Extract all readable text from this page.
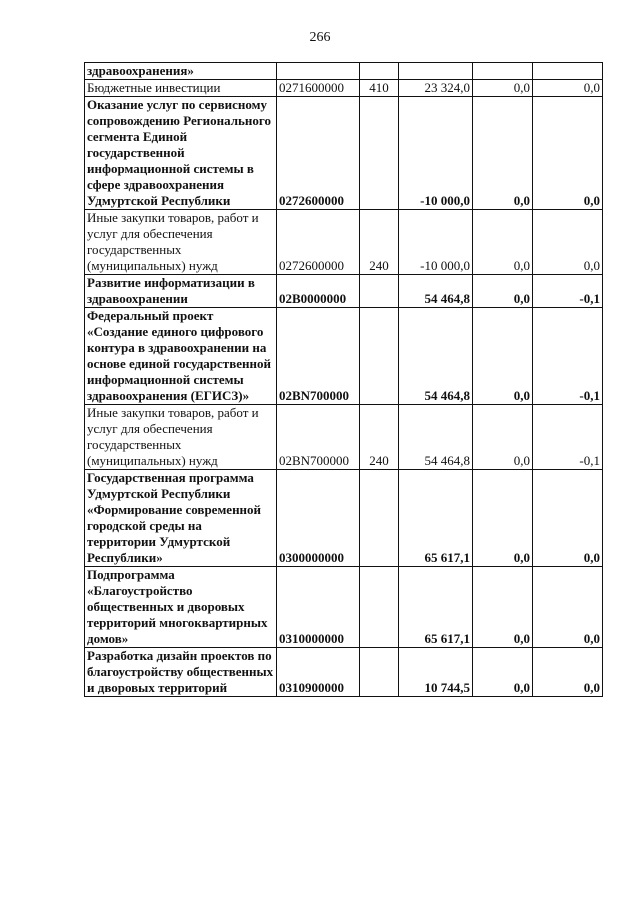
266
здравоохранения»					
Бюджетные инвестиции	0271600000	410	23 324,0	0,0	0,0
Оказание услуг по сервисному сопровождению Регионального сегмента Единой государственной информационной системы в сфере здравоохранения Удмуртской Республики	0272600000		-10 000,0	0,0	0,0
Иные закупки товаров, работ и услуг для обеспечения государственных (муниципальных) нужд	0272600000	240	-10 000,0	0,0	0,0
Развитие информатизации в здравоохранении	02В0000000		54 464,8	0,0	-0,1
Федеральный проект «Создание единого цифрового контура в здравоохранении на основе единой государственной информационной системы здравоохранения (ЕГИСЗ)»	02ВN700000		54 464,8	0,0	-0,1
Иные закупки товаров, работ и услуг для обеспечения государственных (муниципальных) нужд	02ВN700000	240	54 464,8	0,0	-0,1
Государственная программа Удмуртской Республики «Формирование современной городской среды на территории Удмуртской Республики»	0300000000		65 617,1	0,0	0,0
Подпрограмма «Благоустройство общественных и дворовых территорий многоквартирных домов»	0310000000		65 617,1	0,0	0,0
Разработка дизайн проектов по благоустройству общественных и дворовых территорий	0310900000		10 744,5	0,0	0,0
